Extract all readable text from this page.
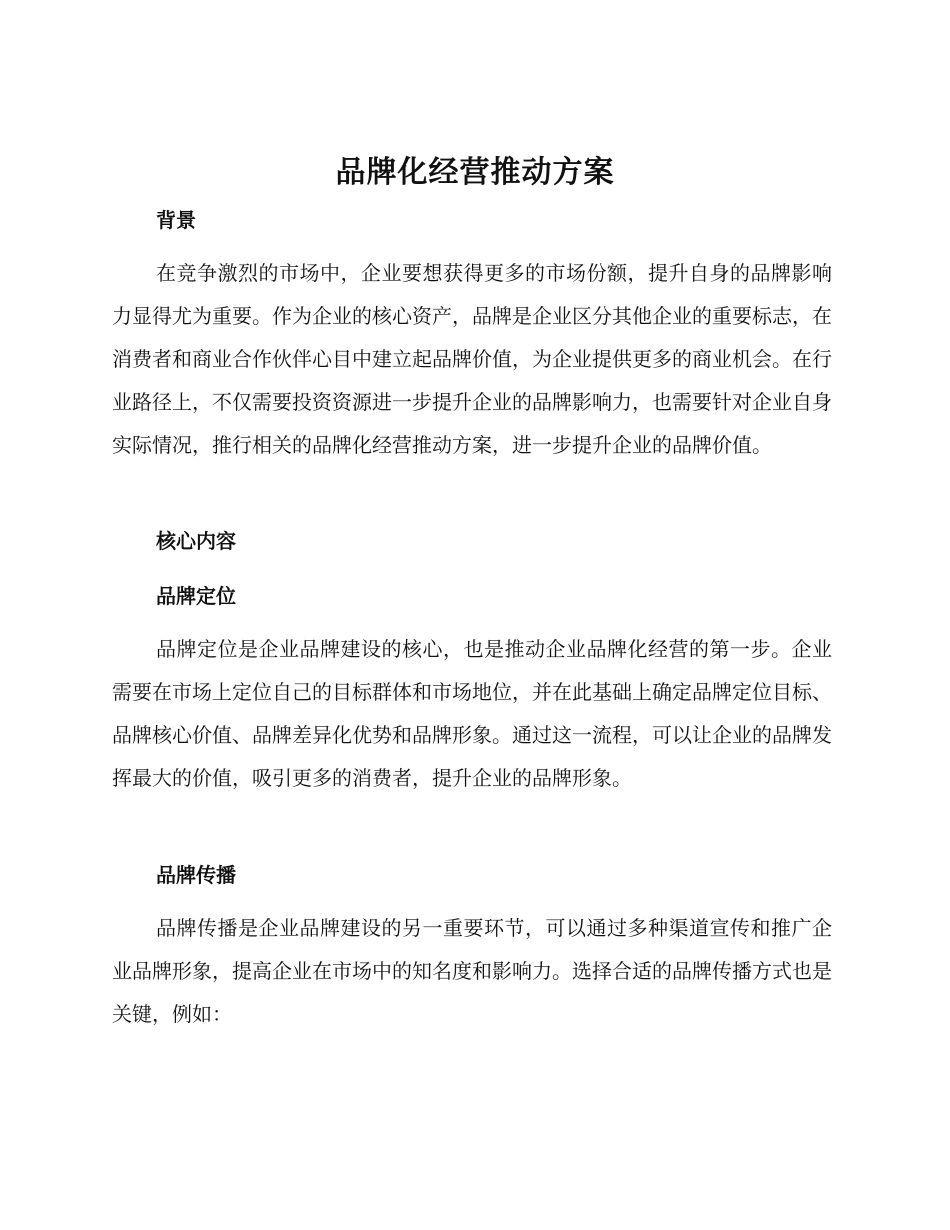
品牌化经营推动方案
背景

在竞争激烈的市场中，企业要想获得更多的市场份额，提升自身的品牌影响力显得尤为重要。作为企业的核心资产，品牌是企业区分其他企业的重要标志，在消费者和商业合作伙伴心目中建立起品牌价值，为企业提供更多的商业机会。在行业路径上，不仅需要投资资源进一步提升企业的品牌影响力，也需要针对企业自身实际情况，推行相关的品牌化经营推动方案，进一步提升企业的品牌价值。

核心内容
品牌定位

品牌定位是企业品牌建设的核心，也是推动企业品牌化经营的第一步。企业需要在市场上定位自己的目标群体和市场地位，并在此基础上确定品牌定位目标、品牌核心价值、品牌差异化优势和品牌形象。通过这一流程，可以让企业的品牌发挥最大的价值，吸引更多的消费者，提升企业的品牌形象。

品牌传播

品牌传播是企业品牌建设的另一重要环节，可以通过多种渠道宣传和推广企业品牌形象，提高企业在市场中的知名度和影响力。选择合适的品牌传播方式也是关键，例如：
